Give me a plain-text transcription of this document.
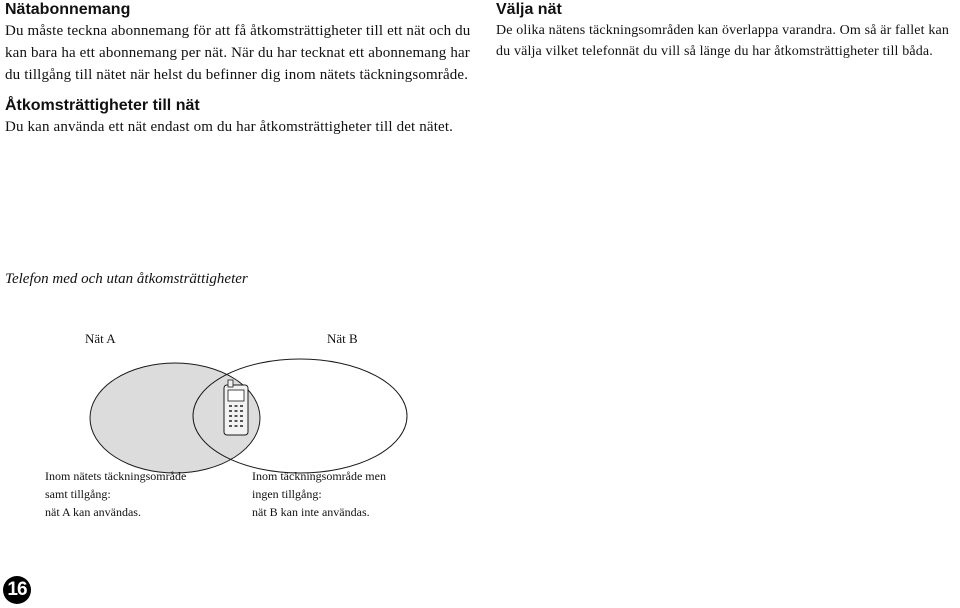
Nätabonnemang

Du måste teckna abonnemang för att få åtkomsträttigheter till ett nät och du kan bara ha ett abonnemang per nät. När du har tecknat ett abonnemang har du tillgång till nätet när helst du befinner dig inom nätets täckningsområde.

Åtkomsträttigheter till nät

Du kan använda ett nät endast om du har åtkomsträttigheter till det nätet.

Välja nät

De olika nätens täckningsområden kan överlappa varandra. Om så är fallet kan du välja vilket telefonnät du vill så länge du har åtkomsträttigheter till båda.

Telefon med och utan åtkomsträttigheter
Nät A	Nät B
Inom nätets täckningsområde
samt tillgång:
nät A kan användas.
Inom täckningsområde men
ingen tillgång:
nät B kan inte användas.
16
